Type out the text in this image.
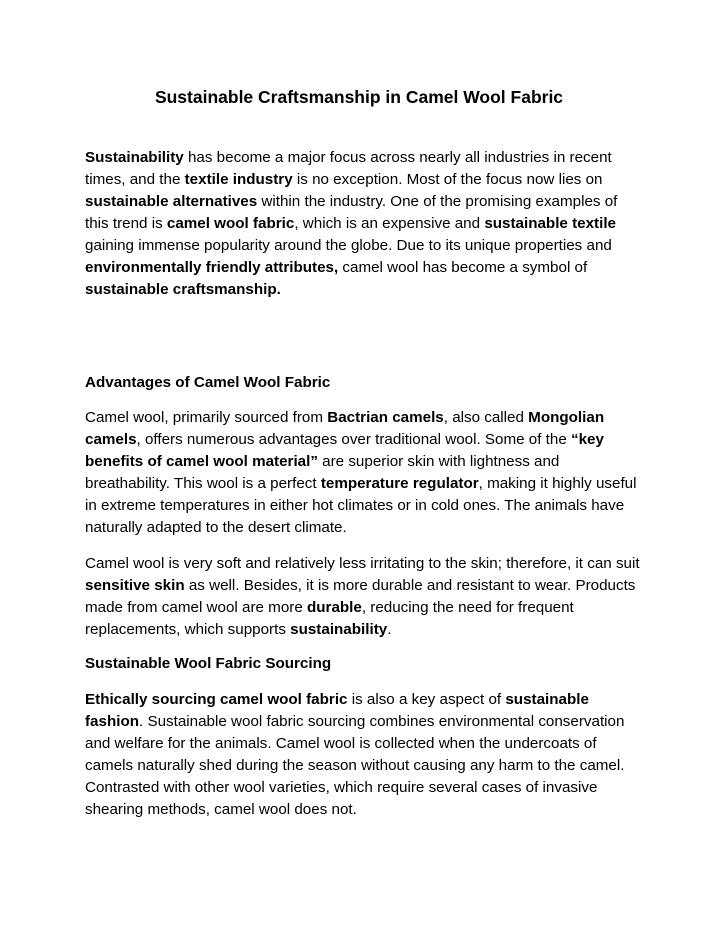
Sustainable Craftsmanship in Camel Wool Fabric

Sustainability has become a major focus across nearly all industries in recent times, and the textile industry is no exception. Most of the focus now lies on sustainable alternatives within the industry. One of the promising examples of this trend is camel wool fabric, which is an expensive and sustainable textile gaining immense popularity around the globe. Due to its unique properties and environmentally friendly attributes, camel wool has become a symbol of sustainable craftsmanship.

Advantages of Camel Wool Fabric

Camel wool, primarily sourced from Bactrian camels, also called Mongolian camels, offers numerous advantages over traditional wool. Some of the “key benefits of camel wool material” are superior skin with lightness and breathability. This wool is a perfect temperature regulator, making it highly useful in extreme temperatures in either hot climates or in cold ones. The animals have naturally adapted to the desert climate.

Camel wool is very soft and relatively less irritating to the skin; therefore, it can suit sensitive skin as well. Besides, it is more durable and resistant to wear. Products made from camel wool are more durable, reducing the need for frequent replacements, which supports sustainability.

Sustainable Wool Fabric Sourcing

Ethically sourcing camel wool fabric is also a key aspect of sustainable fashion. Sustainable wool fabric sourcing combines environmental conservation and welfare for the animals. Camel wool is collected when the undercoats of camels naturally shed during the season without causing any harm to the camel. Contrasted with other wool varieties, which require several cases of invasive shearing methods, camel wool does not.
